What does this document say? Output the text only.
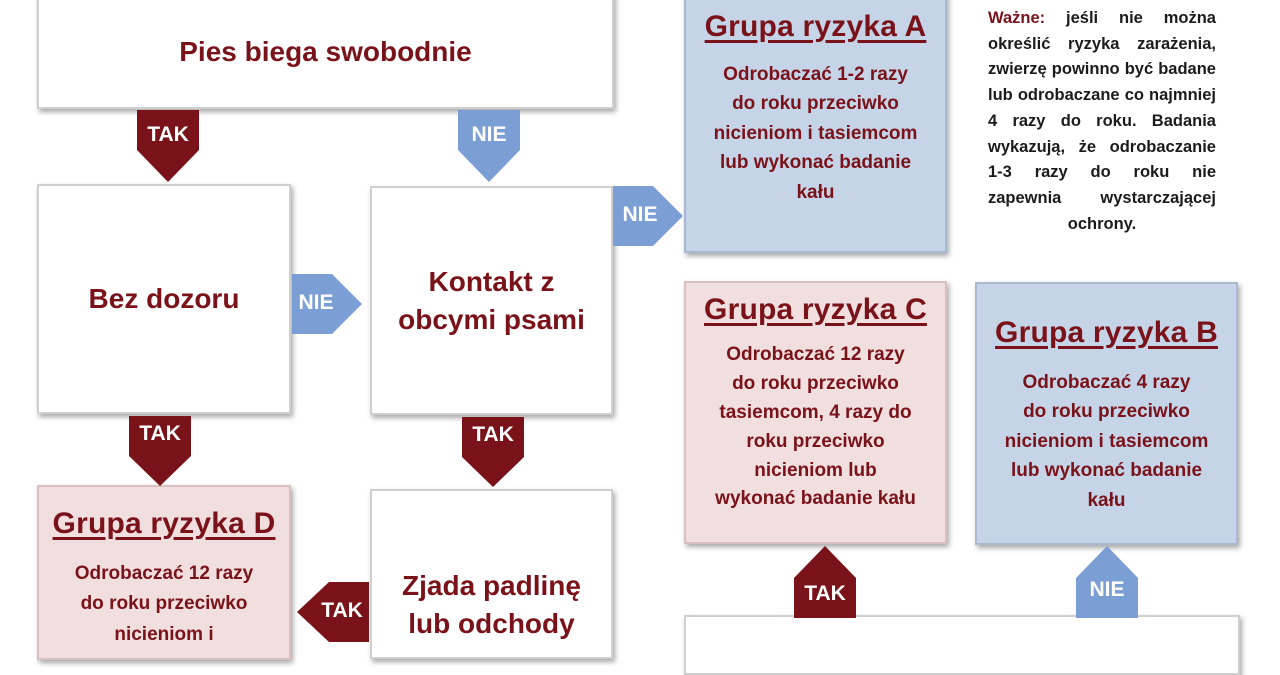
Pies biega swobodnie
Bez dozoru
Kontakt z
obcymi psami
Zjada padlinę
lub odchody
Grupa ryzyka A
Odrobaczać 1-2 razy
do roku przeciwko
nicieniom i tasiemcom
lub wykonać badanie
kału
Grupa ryzyka C
Odrobaczać 12 razy
do roku przeciwko
tasiemcom, 4 razy do
roku przeciwko
nicieniom lub
wykonać badanie kału
Grupa ryzyka B
Odrobaczać 4 razy
do roku przeciwko
nicieniom i tasiemcom
lub wykonać badanie
kału
Grupa ryzyka D
Odrobaczać 12 razy
do roku przeciwko
nicieniom i
Ważne: jeśli nie można określić ryzyka zarażenia, zwierzę powinno być badane lub odrobaczane co najmniej 4 razy do roku. Badania wykazują, że odrobaczanie 1-3 razy do roku nie zapewnia wystarczającej ochrony.
TAK	NIE
TAK	TAK
NIE
NIE
TAK
TAK	NIE
